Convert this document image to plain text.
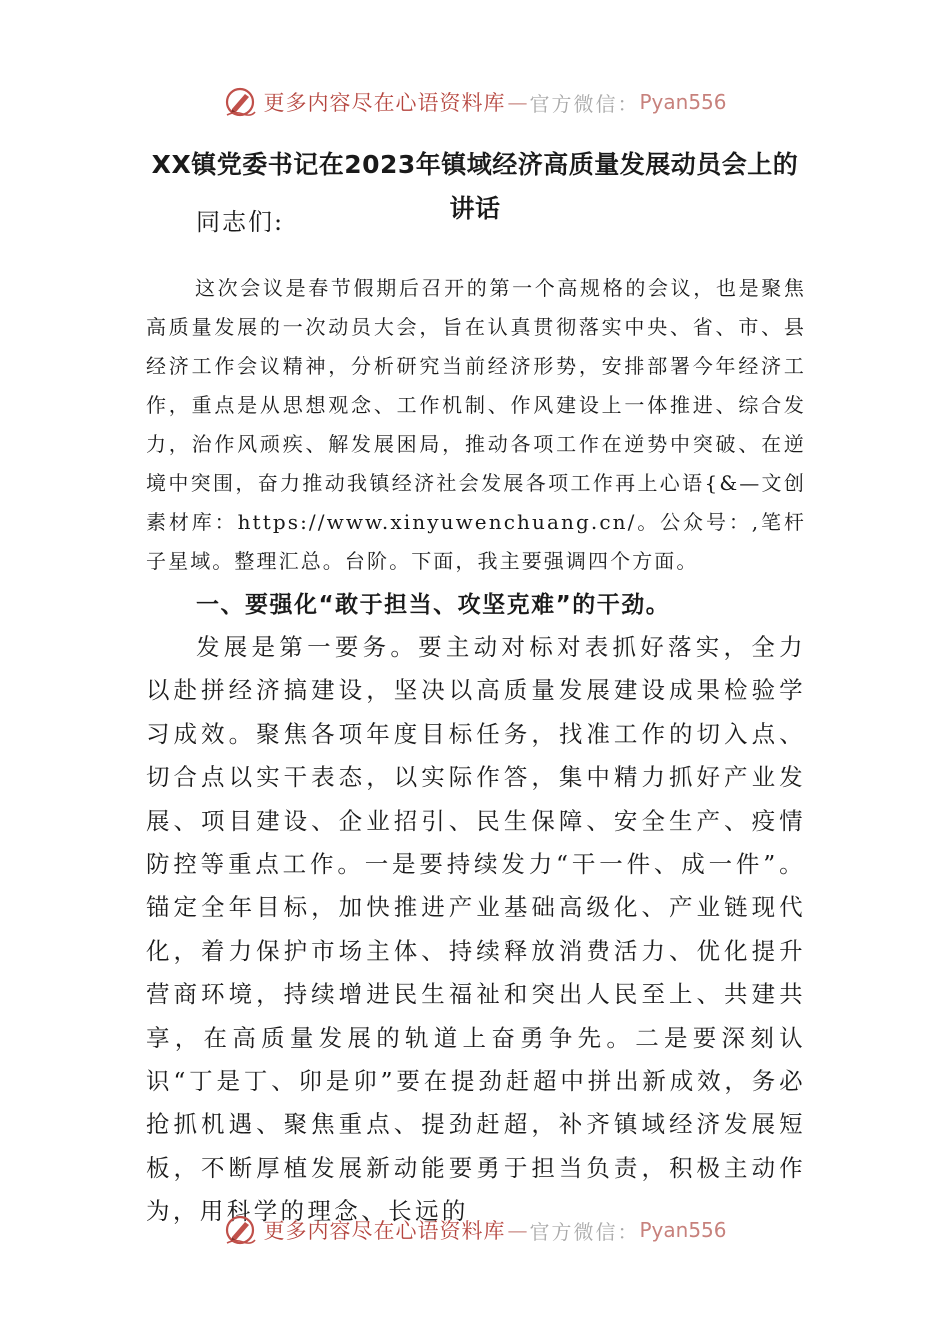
更多内容尽在心语资料库 — 官方微信： Pyan556
XX镇党委书记在2023年镇域经济高质量发展动员会上的讲话
同志们:

这次会议是春节假期后召开的第一个高规格的会议，也是聚焦高质量发展的一次动员大会，旨在认真贯彻落实中央、省、市、县经济工作会议精神，分析研究当前经济形势，安排部署今年经济工作，重点是从思想观念、工作机制、作风建设上一体推进、综合发力，治作风顽疾、解发展困局，推动各项工作在逆势中突破、在逆境中突围，奋力推动我镇经济社会发展各项工作再上心语{&—文创素材库：https://www.xinyuwenchuang.cn/。公众号：,笔杆子星域。整理汇总。台阶。下面，我主要强调四个方面。

一、要强化“敢于担当、攻坚克难”的干劲。

发展是第一要务。要主动对标对表抓好落实，全力以赴拼经济搞建设，坚决以高质量发展建设成果检验学习成效。聚焦各项年度目标任务，找准工作的切入点、切合点以实干表态，以实际作答，集中精力抓好产业发展、项目建设、企业招引、民生保障、安全生产、疫情防控等重点工作。一是要持续发力“干一件、成一件”。锚定全年目标，加快推进产业基础高级化、产业链现代化，着力保护市场主体、持续释放消费活力、优化提升营商环境，持续增进民生福祉和突出人民至上、共建共享，在高质量发展的轨道上奋勇争先。二是要深刻认识“丁是丁、卯是卯”要在提劲赶超中拼出新成效，务必抢抓机遇、聚焦重点、提劲赶超，补齐镇域经济发展短板，不断厚植发展新动能要勇于担当负责，积极主动作为，用科学的理念、长远的

更多内容尽在心语资料库 — 官方微信： Pyan556
